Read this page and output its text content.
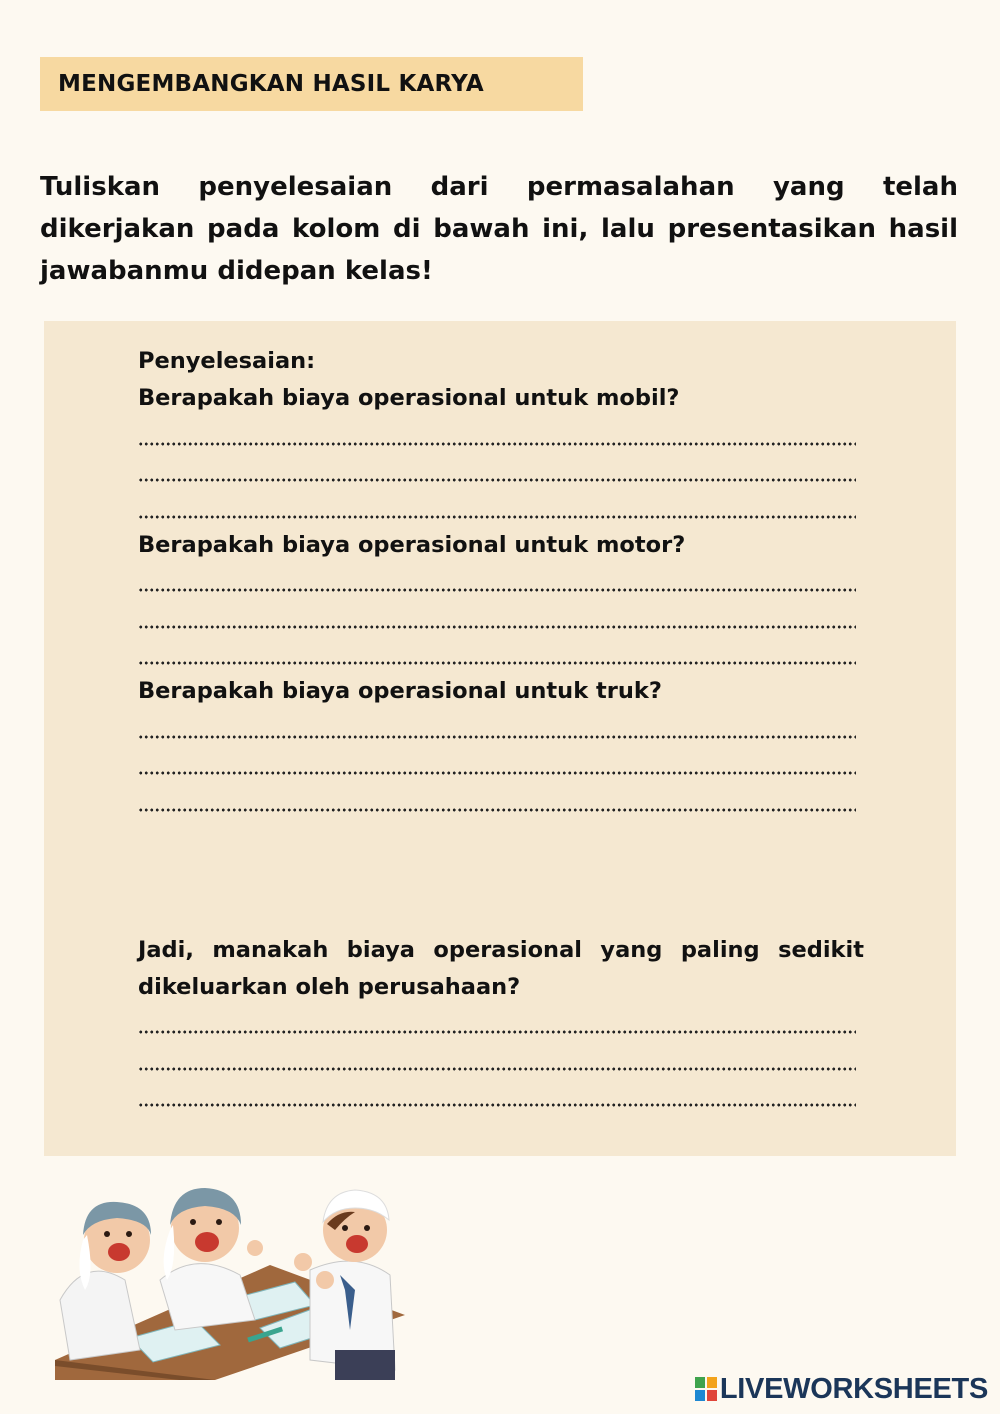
MENGEMBANGKAN HASIL KARYA
Tuliskan penyelesaian dari permasalahan yang telah dikerjakan pada kolom di bawah ini, lalu presentasikan hasil jawabanmu didepan kelas!
Penyelesaian:
Berapakah biaya operasional untuk mobil?
Berapakah biaya operasional untuk motor?
Berapakah biaya operasional untuk truk?
Jadi, manakah biaya operasional yang paling sedikit dikeluarkan oleh perusahaan?
LIVEWORKSHEETS
